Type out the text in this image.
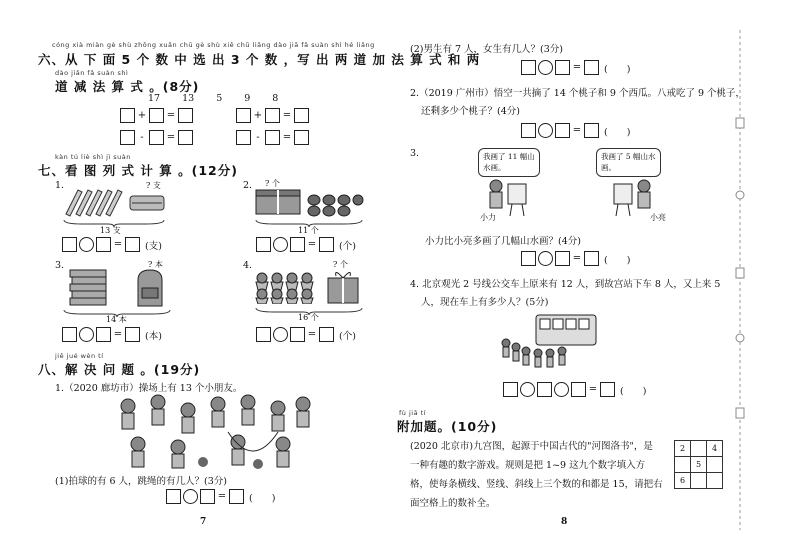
cóng xià miàn gè shù zhōng xuǎn chū gè shù xiě chū liǎng dào jiā fǎ suàn shì hé liǎng
六、从 下 面 5 个 数 中 选 出 3 个 数 ，写 出 两 道 加 法 算 式 和 两
dào jiǎn fǎ suàn shì
道 减 法 算 式 。(8分)
17 13 5 9 8
+ =	+ =
-	=	-	=
kàn tú liè shì jì suàn
七、看 图 列 式 计 算 。(12分)
1.	? 支
13 支
= (支)
2. ? 个
11 个
= (个)
3.	? 本
14 本
= (本)
4.	? 个
16 个
= (个)
jiě jué wèn tí
八、解 决 问 题 。(19分)
1.（2020 廊坊市）操场上有 13 个小朋友。
(1)拍球的有 6 人，跳绳的有几人？(3分)
= (　　)
7
(2)男生有 7 人，女生有几人？(3分)
= (　　)
2.（2019 广州市）悟空一共摘了 14 个桃子和 9 个西瓜。八戒吃了 9 个桃子，
还剩多少个桃子？(4分)
= (　　)
3.	我画了 11 幅山
水画。
我画了 5 幅山水
画。
小力	小亮
小力比小亮多画了几幅山水画？(4分)
= (　　)
4. 北京观光 2 号线公交车上原来有 12 人，到故宫站下车 8 人，又上来 5
人，现在车上有多少人？(5分)
= (　　)
fù jiā tí
附加题。(10分)
(2020 北京市)九宫图，起源于中国古代的"河图洛书"，是
一种有趣的数字游戏。规则是把 1~9 这九个数字填入方
格，使每条横线、竖线、斜线上三个数的和都是 15，请把右
面空格上的数补全。
2		4
	5	
6		
8
